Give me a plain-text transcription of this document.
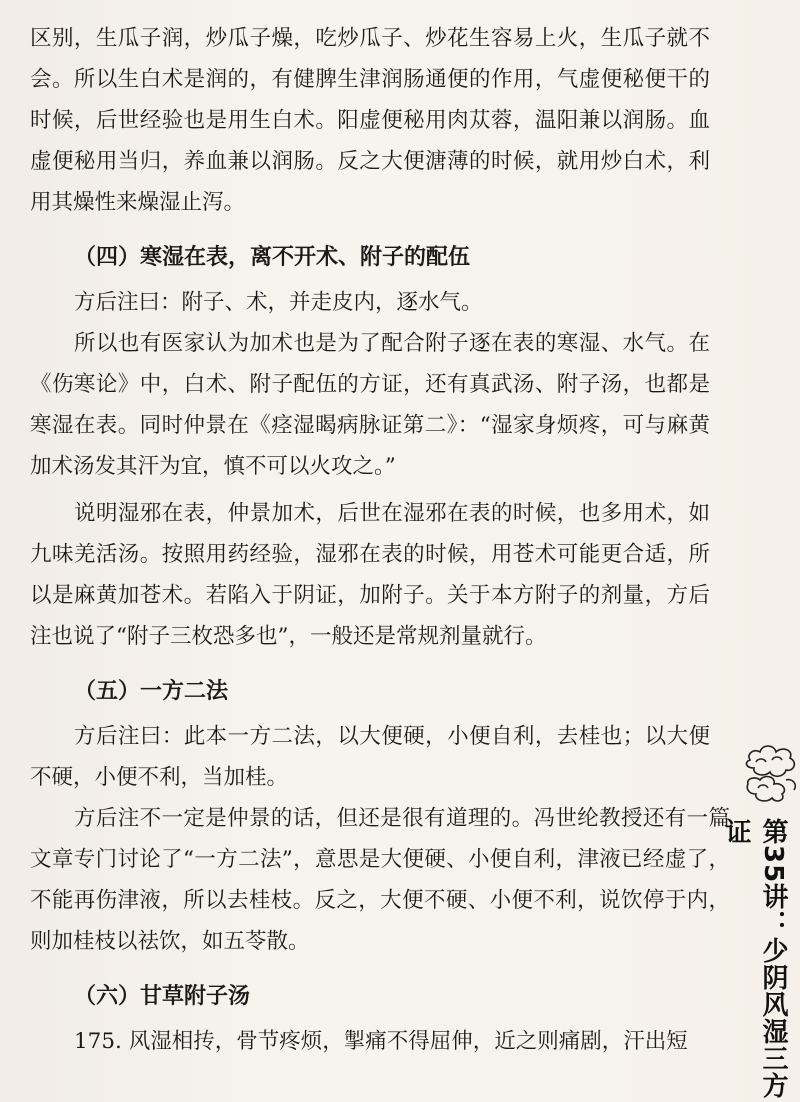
区别，生瓜子润，炒瓜子燥，吃炒瓜子、炒花生容易上火，生瓜子就不会。所以生白术是润的，有健脾生津润肠通便的作用，气虚便秘便干的时候，后世经验也是用生白术。阳虚便秘用肉苁蓉，温阳兼以润肠。血虚便秘用当归，养血兼以润肠。反之大便溏薄的时候，就用炒白术，利用其燥性来燥湿止泻。

（四）寒湿在表，离不开术、附子的配伍

方后注曰：附子、术，并走皮内，逐水气。

所以也有医家认为加术也是为了配合附子逐在表的寒湿、水气。在《伤寒论》中，白术、附子配伍的方证，还有真武汤、附子汤，也都是寒湿在表。同时仲景在《痉湿暍病脉证第二》：“湿家身烦疼，可与麻黄加术汤发其汗为宜，慎不可以火攻之。”

说明湿邪在表，仲景加术，后世在湿邪在表的时候，也多用术，如九味羌活汤。按照用药经验，湿邪在表的时候，用苍术可能更合适，所以是麻黄加苍术。若陷入于阴证，加附子。关于本方附子的剂量，方后注也说了“附子三枚恐多也”，一般还是常规剂量就行。

（五）一方二法

方后注曰：此本一方二法，以大便硬，小便自利，去桂也；以大便不硬，小便不利，当加桂。

方后注不一定是仲景的话，但还是很有道理的。冯世纶教授还有一篇文章专门讨论了“一方二法”，意思是大便硬、小便自利，津液已经虚了，不能再伤津液，所以去桂枝。反之，大便不硬、小便不利，说饮停于内，则加桂枝以祛饮，如五苓散。

（六）甘草附子汤

175. 风湿相抟，骨节疼烦，掣痛不得屈伸，近之则痛剧，汗出短	第35讲：少阴风湿三方证
